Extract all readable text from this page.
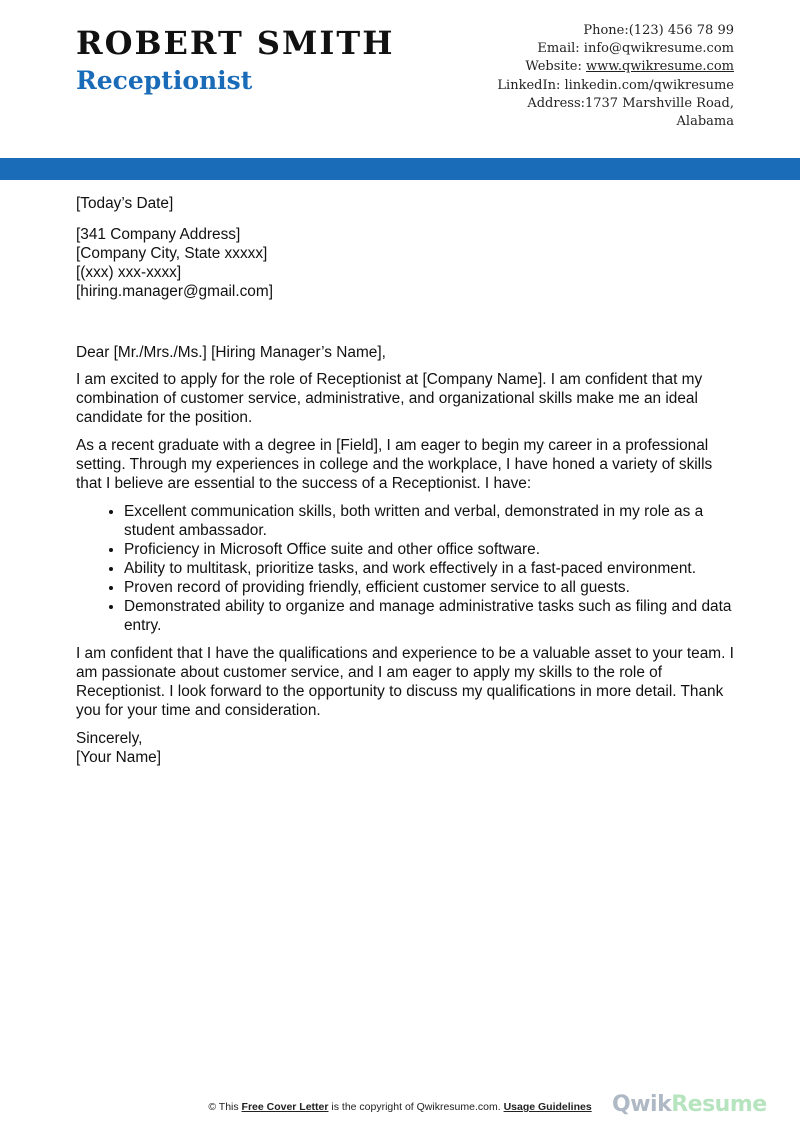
ROBERT SMITH
Receptionist
Phone:(123) 456 78 99
Email: info@qwikresume.com
Website: www.qwikresume.com
LinkedIn: linkedin.com/qwikresume
Address:1737 Marshville Road,
Alabama

[Today’s Date]

[341 Company Address]

[Company City, State xxxxx]

[(xxx) xxx-xxxx]

[hiring.manager@gmail.com]

Dear [Mr./Mrs./Ms.] [Hiring Manager’s Name],

I am excited to apply for the role of Receptionist at [Company Name]. I am confident that my combination of customer service, administrative, and organizational skills make me an ideal candidate for the position.

As a recent graduate with a degree in [Field], I am eager to begin my career in a professional setting. Through my experiences in college and the workplace, I have honed a variety of skills that I believe are essential to the success of a Receptionist. I have:

• Excellent communication skills, both written and verbal, demonstrated in my role as a student ambassador.
• Proficiency in Microsoft Office suite and other office software.
• Ability to multitask, prioritize tasks, and work effectively in a fast-paced environment.
• Proven record of providing friendly, efficient customer service to all guests.
• Demonstrated ability to organize and manage administrative tasks such as filing and data entry.

I am confident that I have the qualifications and experience to be a valuable asset to your team. I am passionate about customer service, and I am eager to apply my skills to the role of Receptionist. I look forward to the opportunity to discuss my qualifications in more detail. Thank you for your time and consideration.

Sincerely,

[Your Name]

© This Free Cover Letter is the copyright of Qwikresume.com. Usage Guidelines QwikResume
